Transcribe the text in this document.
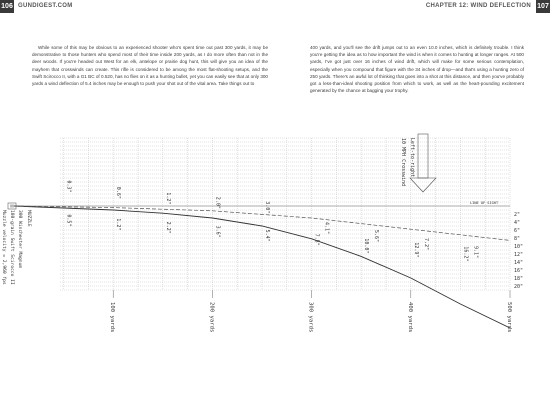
106 GUNDIGEST.COM	CHAPTER 12: WIND DEFLECTION 107

While some of this may be obvious to an experienced shooter who's spent time out past 300 yards, it may be demonstrative to those hunters who spend most of their time inside 200 yards, as I do more often than not in the deer woods. If you're headed out West for an elk, antelope or prairie dog hunt, this will give you an idea of the mayhem that crosswinds can create. This rifle is considered to be among the most flat-shooting setups, and the Swift Scirocco II, with a G1 BC of 0.520, has no flies on it as a hunting bullet, yet you can easily see that at only 300 yards a wind deflection of 5.4 inches may be enough to push your shot out of the vital area. Take things out to

400 yards, and you'll see the drift jumps out to an even 10.0 inches, which is definitely trouble. I think you're getting the idea as to how important the wind is when it comes to hunting at longer ranges. At 500 yards, I've got just over 16 inches of wind drift, which will make for some serious contemplation, especially when you compound that figure with the 34 inches of drop—and that's using a hunting zero of 250 yards. There's an awful lot of thinking that goes into a shot at this distance, and then you've probably got a less-than-ideal shooting position from which to work, as well as the heart-pounding excitement generated by the chance at bagging your trophy.

LINE OF SIGHT
10 MPH Crosswind Left-to-right
MUZZLE
300 Winchester Magnum
180-grain Swift Scirocco II
Muzzle velocity = 2,960 fps
100 yards	200 yards	300 yards	400 yards	500 yards
2"
4"
6"
8"
10"
12"
14"
16"
18"
20"
0.3"
0.6"	1.2"	2.0"	3.0"
0.5"	1.2"	2.2"	3.6"	5.4"	7.5"	10.0"	12.9"	16.2"
4.1"
5.6"
7.2"
9.1"
